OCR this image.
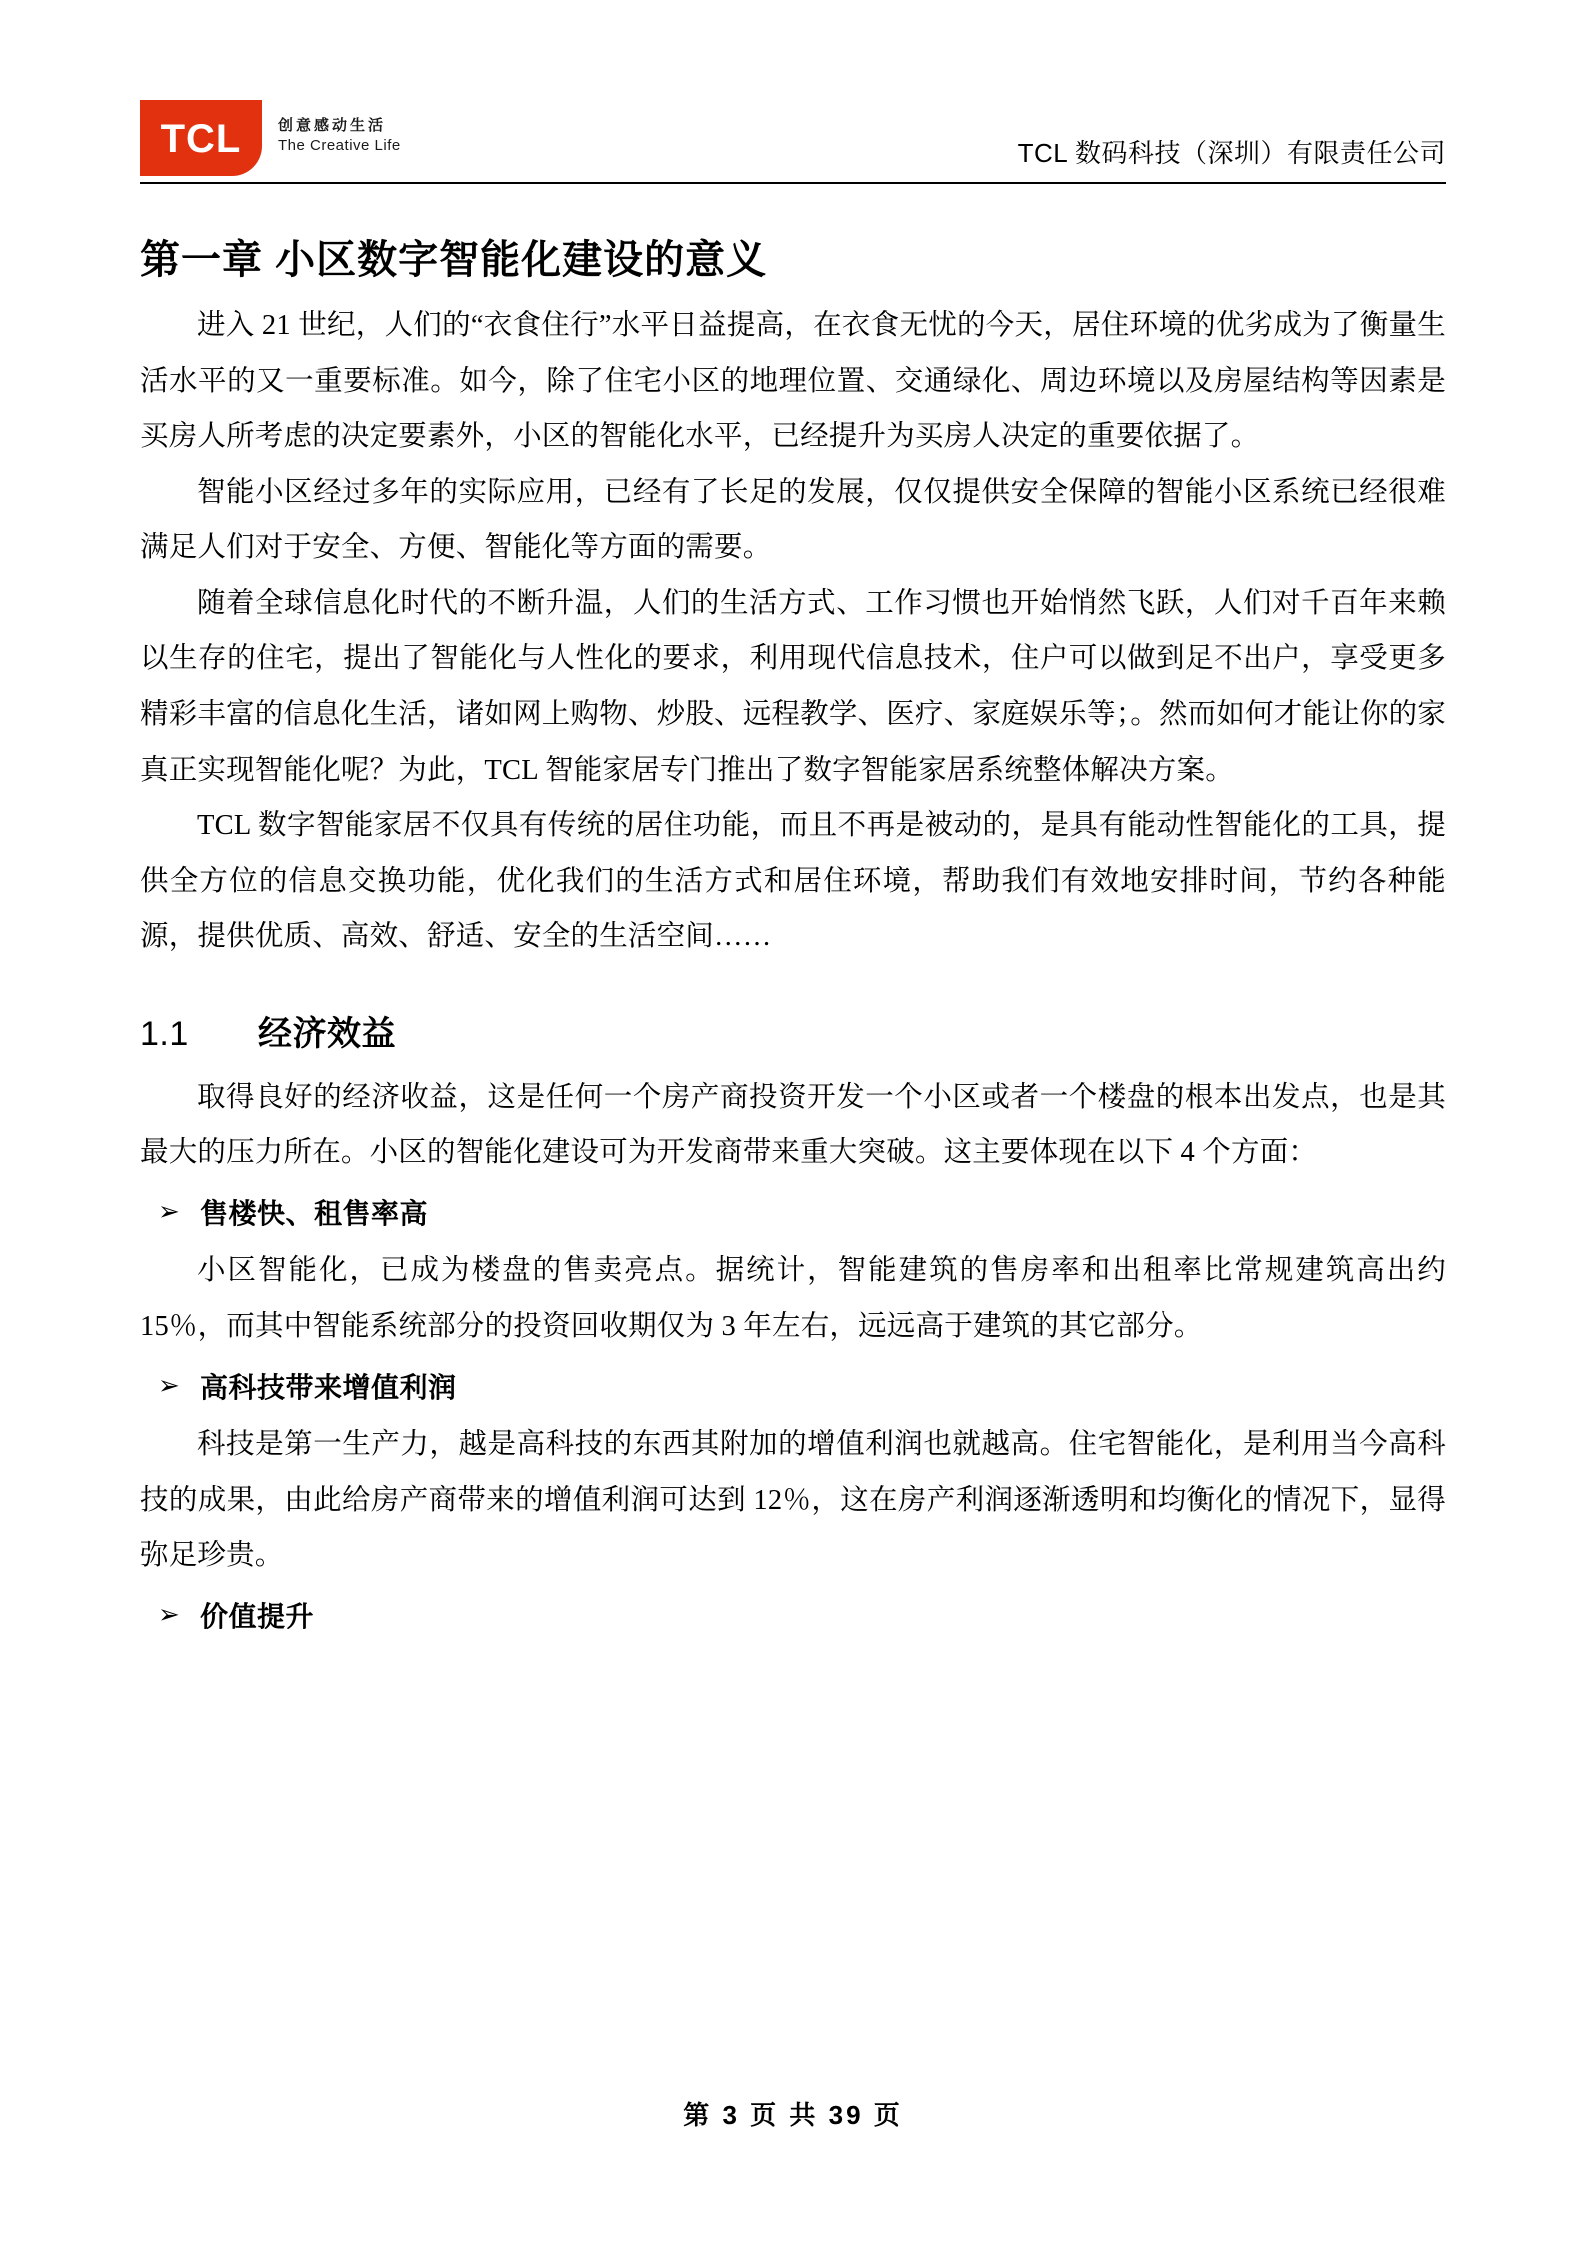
TCL 创意感动生活
The Creative Life	TCL 数码科技（深圳）有限责任公司
第一章 小区数字智能化建设的意义

进入 21 世纪，人们的“衣食住行”水平日益提高，在衣食无忧的今天，居住环境的优劣成为了衡量生活水平的又一重要标准。如今，除了住宅小区的地理位置、交通绿化、周边环境以及房屋结构等因素是买房人所考虑的决定要素外，小区的智能化水平，已经提升为买房人决定的重要依据了。

智能小区经过多年的实际应用，已经有了长足的发展，仅仅提供安全保障的智能小区系统已经很难满足人们对于安全、方便、智能化等方面的需要。

随着全球信息化时代的不断升温，人们的生活方式、工作习惯也开始悄然飞跃，人们对千百年来赖以生存的住宅，提出了智能化与人性化的要求，利用现代信息技术，住户可以做到足不出户，享受更多精彩丰富的信息化生活，诸如网上购物、炒股、远程教学、医疗、家庭娱乐等；。然而如何才能让你的家真正实现智能化呢？为此，TCL 智能家居专门推出了数字智能家居系统整体解决方案。

TCL 数字智能家居不仅具有传统的居住功能，而且不再是被动的，是具有能动性智能化的工具，提供全方位的信息交换功能，优化我们的生活方式和居住环境，帮助我们有效地安排时间，节约各种能源，提供优质、高效、舒适、安全的生活空间……

1.1	经济效益

取得良好的经济收益，这是任何一个房产商投资开发一个小区或者一个楼盘的根本出发点，也是其最大的压力所在。小区的智能化建设可为开发商带来重大突破。这主要体现在以下 4 个方面：

➢ 售楼快、租售率高

小区智能化，已成为楼盘的售卖亮点。据统计，智能建筑的售房率和出租率比常规建筑高出约 15％，而其中智能系统部分的投资回收期仅为 3 年左右，远远高于建筑的其它部分。

➢ 高科技带来增值利润

科技是第一生产力，越是高科技的东西其附加的增值利润也就越高。住宅智能化，是利用当今高科技的成果，由此给房产商带来的增值利润可达到 12％，这在房产利润逐渐透明和均衡化的情况下，显得弥足珍贵。

➢ 价值提升
第 3 页 共 39 页
